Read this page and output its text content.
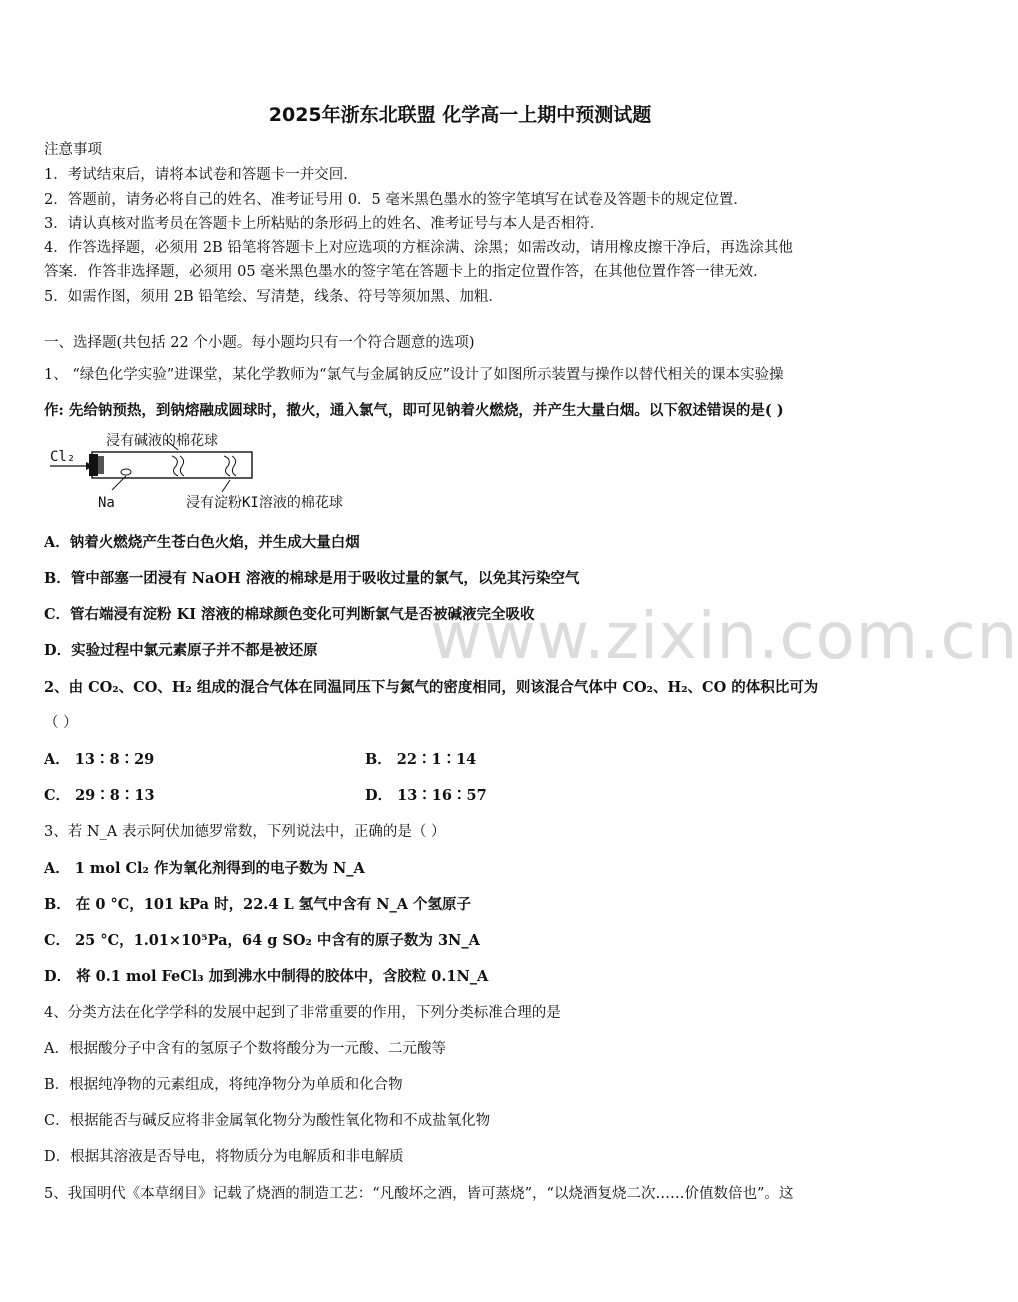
www.zixin.com.cn
2025年浙东北联盟 化学高一上期中预测试题
注意事项
1．考试结束后，请将本试卷和答题卡一并交回．
2．答题前，请务必将自己的姓名、准考证号用 0．5 毫米黑色墨水的签字笔填写在试卷及答题卡的规定位置．
3．请认真核对监考员在答题卡上所粘贴的条形码上的姓名、准考证号与本人是否相符．
4．作答选择题，必须用 2B 铅笔将答题卡上对应选项的方框涂满、涂黑；如需改动，请用橡皮擦干净后，再选涂其他
答案．作答非选择题，必须用 05 毫米黑色墨水的签字笔在答题卡上的指定位置作答，在其他位置作答一律无效．
5．如需作图，须用 2B 铅笔绘、写清楚，线条、符号等须加黑、加粗．
一、选择题(共包括 22 个小题。每小题均只有一个符合题意的选项)
1、 “绿色化学实验”进课堂，某化学教师为“氯气与金属钠反应”设计了如图所示装置与操作以替代相关的课本实验操
作: 先给钠预热，到钠熔融成圆球时，撤火，通入氯气，即可见钠着火燃烧，并产生大量白烟。以下叙述错误的是( )
Cl₂
浸有碱液的棉花球
Na	浸有淀粉KI溶液的棉花球
A．钠着火燃烧产生苍白色火焰，并生成大量白烟
B．管中部塞一团浸有 NaOH 溶液的棉球是用于吸收过量的氯气，以免其污染空气
C．管右端浸有淀粉 KI 溶液的棉球颜色变化可判断氯气是否被碱液完全吸收
D．实验过程中氯元素原子并不都是被还原
2、由 CO₂、CO、H₂ 组成的混合气体在同温同压下与氮气的密度相同，则该混合气体中 CO₂、H₂、CO 的体积比可为
（ ）
A． 13∶8∶29	B． 22∶1∶14
C． 29∶8∶13	D． 13∶16∶57
3、若 N_A 表示阿伏加德罗常数，下列说法中，正确的是（ ）
A． 1 mol Cl₂ 作为氧化剂得到的电子数为 N_A
B． 在 0 °C，101 kPa 时，22.4 L 氢气中含有 N_A 个氢原子
C． 25 °C，1.01×10⁵Pa，64 g SO₂ 中含有的原子数为 3N_A
D． 将 0.1 mol FeCl₃ 加到沸水中制得的胶体中，含胶粒 0.1N_A
4、分类方法在化学学科的发展中起到了非常重要的作用，下列分类标准合理的是
A．根据酸分子中含有的氢原子个数将酸分为一元酸、二元酸等
B．根据纯净物的元素组成，将纯净物分为单质和化合物
C．根据能否与碱反应将非金属氧化物分为酸性氧化物和不成盐氧化物
D．根据其溶液是否导电，将物质分为电解质和非电解质
5、我国明代《本草纲目》记载了烧酒的制造工艺：“凡酸坏之酒，皆可蒸烧”，“以烧酒复烧二次……价值数倍也”。这
